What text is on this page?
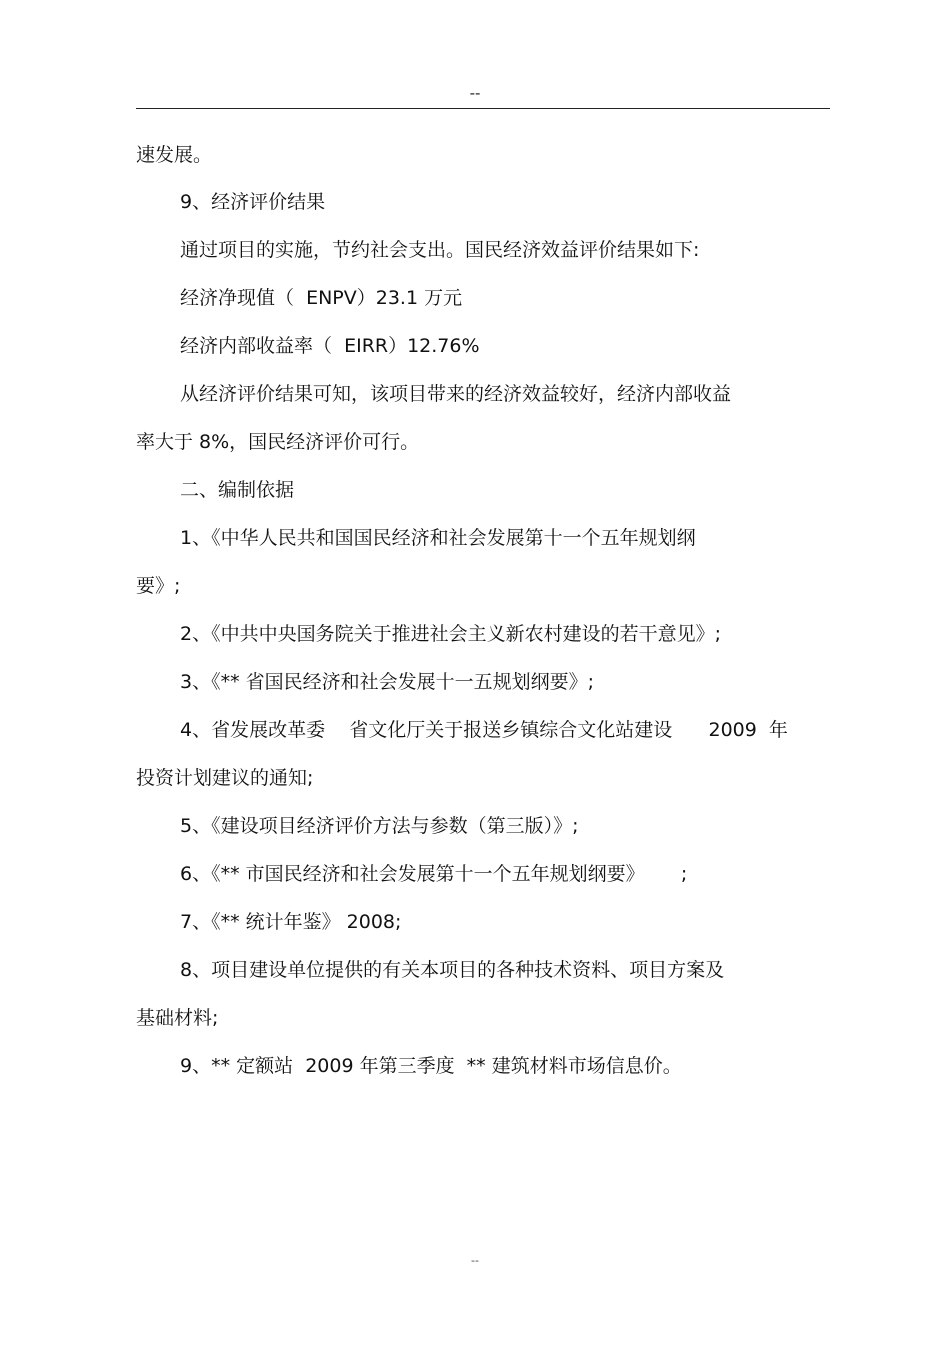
--
速发展。
9、经济评价结果
通过项目的实施，节约社会支出。国民经济效益评价结果如下:
经济净现值（  ENPV）23.1 万元
经济内部收益率（  EIRR）12.76%
从经济评价结果可知，该项目带来的经济效益较好，经济内部收益
率大于 8%，国民经济评价可行。
二、编制依据
1、《中华人民共和国国民经济和社会发展第十一个五年规划纲
要》;
2、《中共中央国务院关于推进社会主义新农村建设的若干意见》;
3、《** 省国民经济和社会发展十一五规划纲要》;
4、省发展改革委    省文化厅关于报送乡镇综合文化站建设      2009  年
投资计划建议的通知;
5、《建设项目经济评价方法与参数（第三版）》;
6、《** 市国民经济和社会发展第十一个五年规划纲要》      ;
7、《** 统计年鉴》 2008;
8、项目建设单位提供的有关本项目的各种技术资料、项目方案及
基础材料;
9、** 定额站  2009 年第三季度  ** 建筑材料市场信息价。
--
